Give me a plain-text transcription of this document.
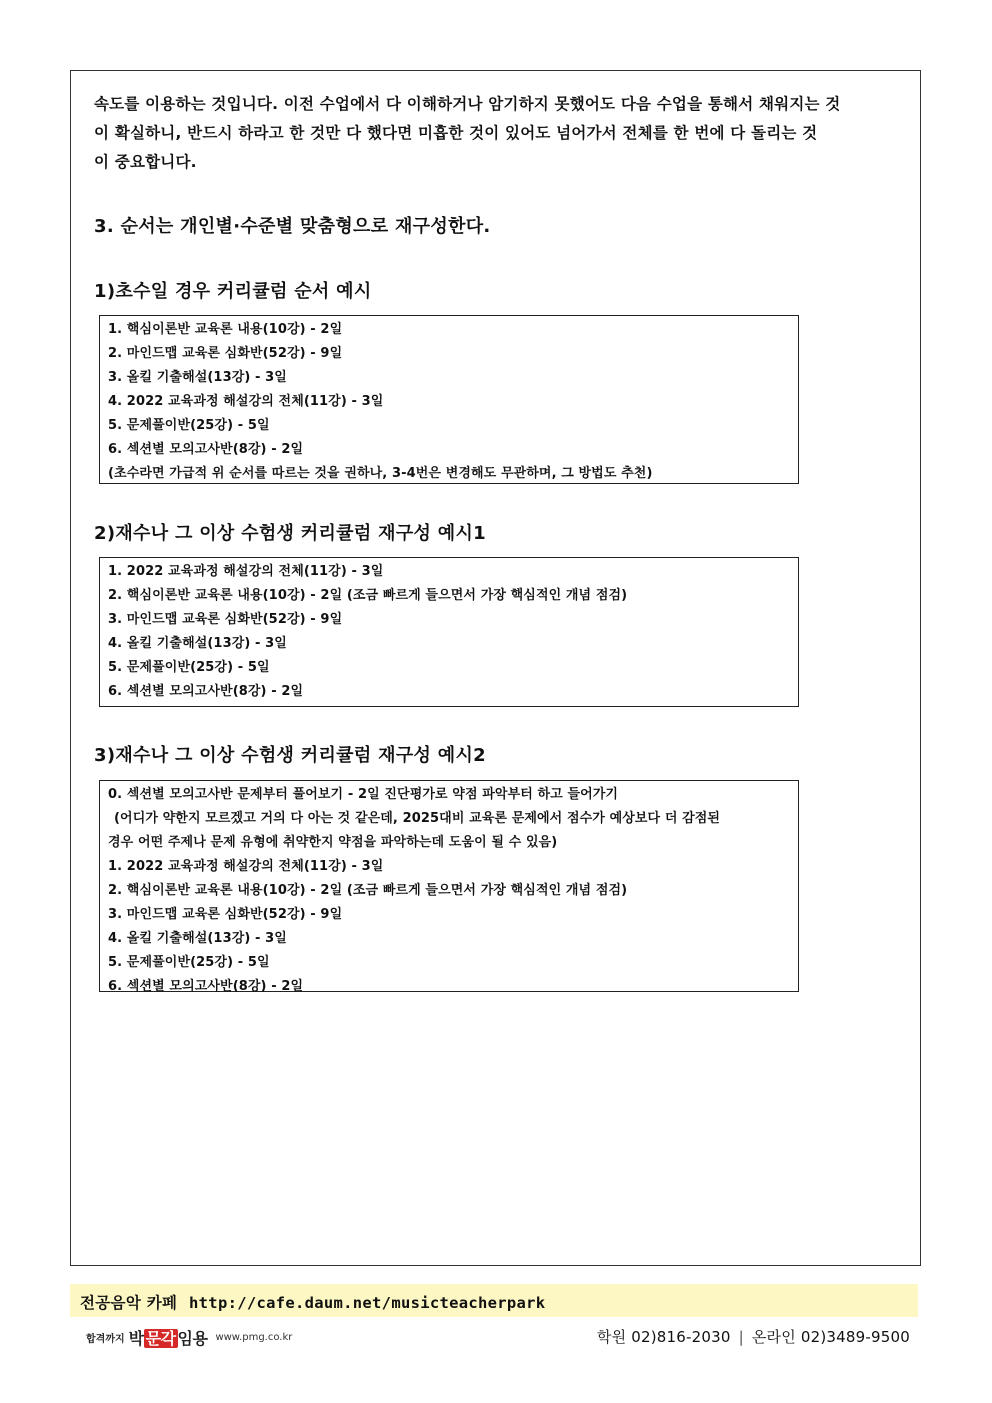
속도를 이용하는 것입니다. 이전 수업에서 다 이해하거나 암기하지 못했어도 다음 수업을 통해서 채워지는 것
이 확실하니, 반드시 하라고 한 것만 다 했다면 미흡한 것이 있어도 넘어가서 전체를 한 번에 다 돌리는 것
이 중요합니다.
3. 순서는 개인별·수준별 맞춤형으로 재구성한다.
1)초수일 경우 커리큘럼 순서 예시
1. 핵심이론반 교육론 내용(10강) - 2일
2. 마인드맵 교육론 심화반(52강) - 9일
3. 올킬 기출해설(13강) - 3일
4. 2022 교육과정 해설강의 전체(11강) - 3일
5. 문제풀이반(25강) - 5일
6. 섹션별 모의고사반(8강) - 2일
(초수라면 가급적 위 순서를 따르는 것을 권하나, 3-4번은 변경해도 무관하며, 그 방법도 추천)
2)재수나 그 이상 수험생 커리큘럼 재구성 예시1
1. 2022 교육과정 해설강의 전체(11강) - 3일
2. 핵심이론반 교육론 내용(10강) - 2일 (조금 빠르게 들으면서 가장 핵심적인 개념 점검)
3. 마인드맵 교육론 심화반(52강) - 9일
4. 올킬 기출해설(13강) - 3일
5. 문제풀이반(25강) - 5일
6. 섹션별 모의고사반(8강) - 2일
3)재수나 그 이상 수험생 커리큘럼 재구성 예시2
0. 섹션별 모의고사반 문제부터 풀어보기 - 2일 진단평가로 약점 파악부터 하고 들어가기
(어디가 약한지 모르겠고 거의 다 아는 것 같은데, 2025대비 교육론 문제에서 점수가 예상보다 더 감점된
경우 어떤 주제나 문제 유형에 취약한지 약점을 파악하는데 도움이 될 수 있음)
1. 2022 교육과정 해설강의 전체(11강) - 3일
2. 핵심이론반 교육론 내용(10강) - 2일 (조금 빠르게 들으면서 가장 핵심적인 개념 점검)
3. 마인드맵 교육론 심화반(52강) - 9일
4. 올킬 기출해설(13강) - 3일
5. 문제풀이반(25강) - 5일
6. 섹션별 모의고사반(8강) - 2일
전공음악 카페 http://cafe.daum.net/musicteacherpark
합격까지 박 문각 임용 www.pmg.co.kr	학원 02)816-2030 | 온라인 02)3489-9500
